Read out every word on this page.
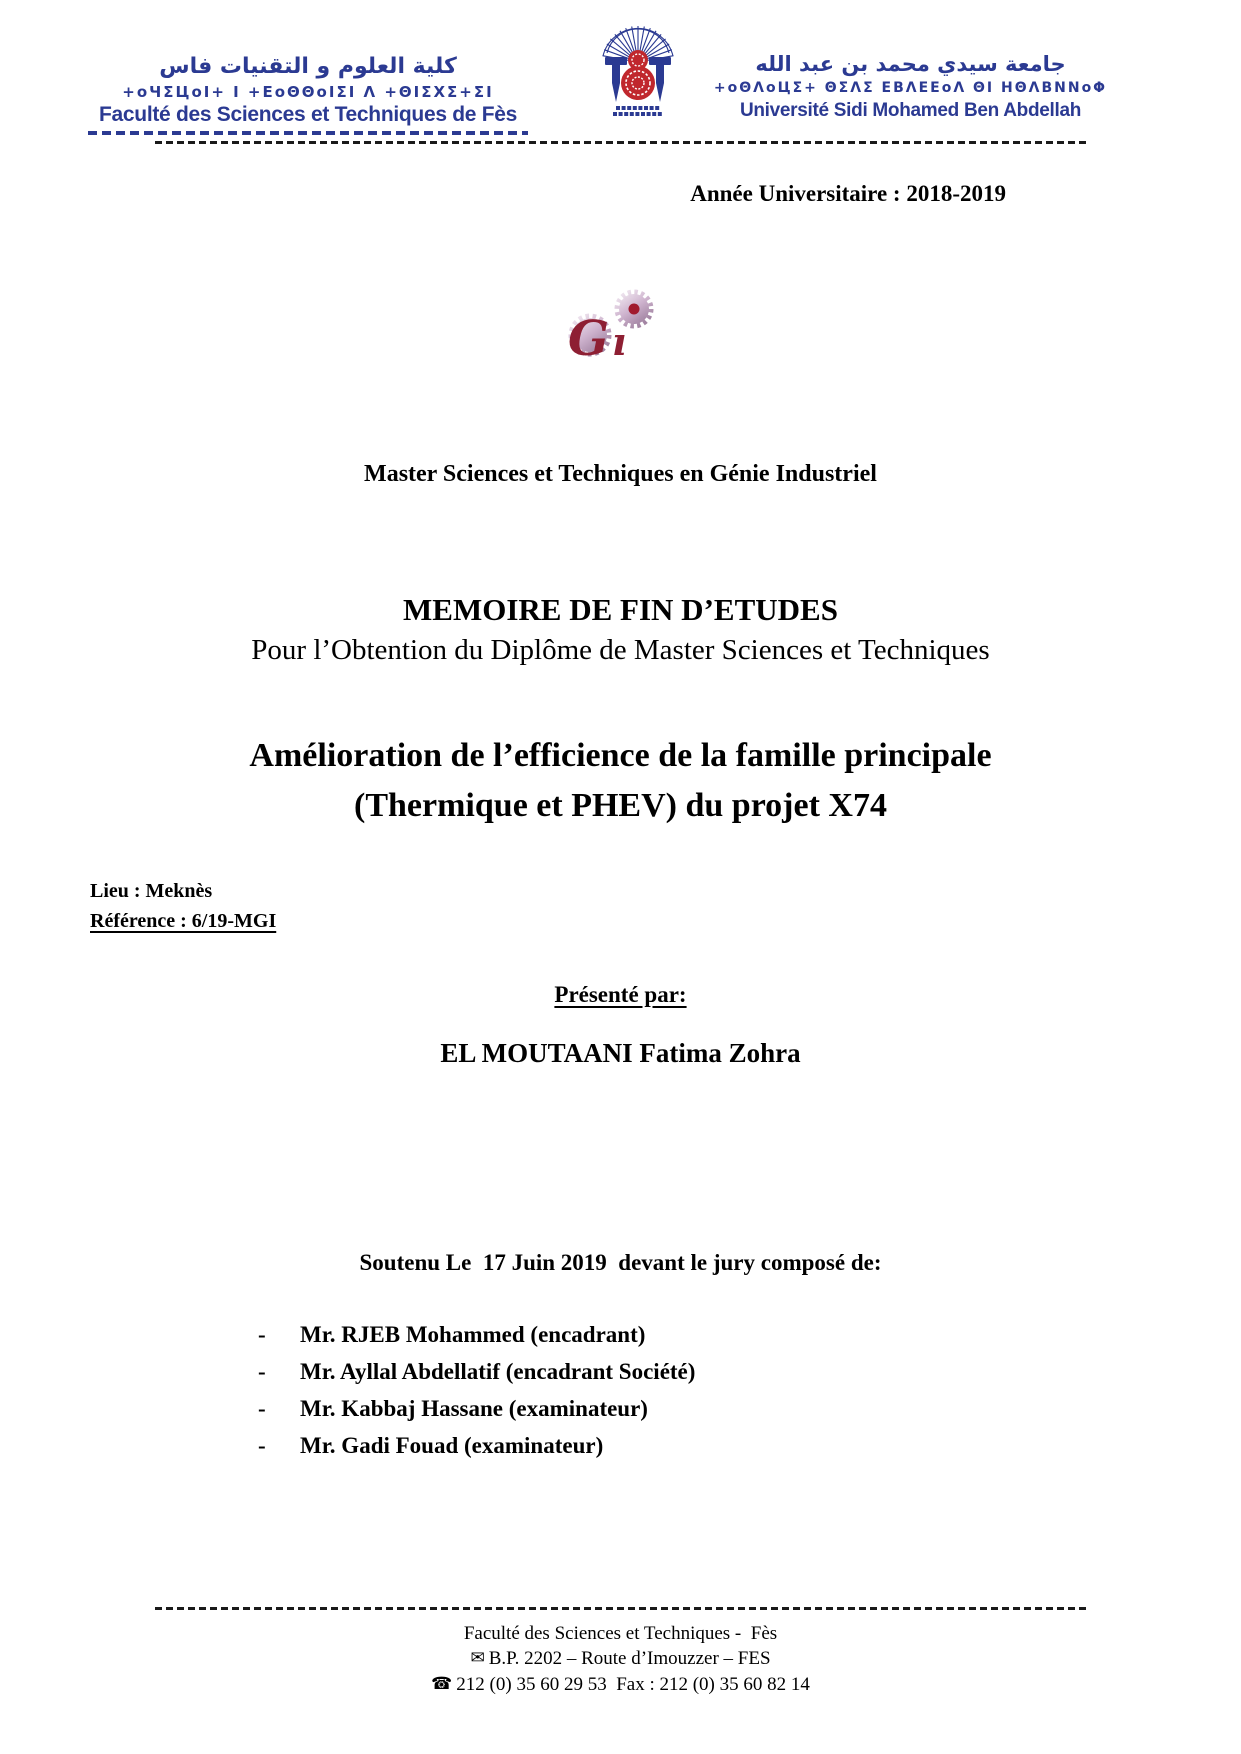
كلية العلوم و التقنيات فاس
+oЧΣЦoI+ I +ΕoΘΘoIΣI Λ +ΘIΣΧΣ+ΣI
Faculté des Sciences et Techniques de Fès
جامعة سيدي محمد بن عبد الله
+oΘΛoЦΣ+ ΘΣΛΣ ΕΒΛΕΕoΛ ΘΙ ΗΘΛΒΝΝoΦ
Université Sidi Mohamed Ben Abdellah
Année Universitaire : 2018-2019
G ı
Master Sciences et Techniques en Génie Industriel
MEMOIRE DE FIN D’ETUDES
Pour l’Obtention du Diplôme de Master Sciences et Techniques
Amélioration de l’efficience de la famille principale
(Thermique et PHEV) du projet X74
Lieu : Meknès
Référence : 6/19-MGI
Présenté par:
EL MOUTAANI Fatima Zohra
Soutenu Le  17 Juin 2019  devant le jury composé de:
-	Mr. RJEB Mohammed (encadrant)
-	Mr. Ayllal Abdellatif (encadrant Société)
-	Mr. Kabbaj Hassane (examinateur)
-	Mr. Gadi Fouad (examinateur)
Faculté des Sciences et Techniques -  Fès
✉ B.P. 2202 – Route d’Imouzzer – FES
☎ 212 (0) 35 60 29 53  Fax : 212 (0) 35 60 82 14
